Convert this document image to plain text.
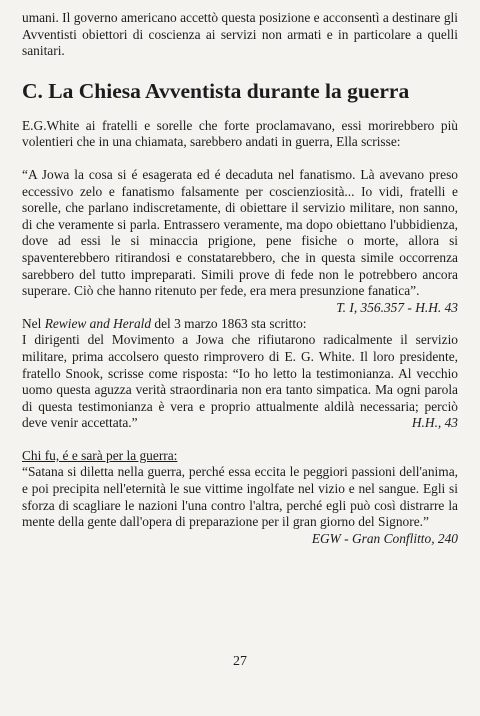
umani. Il governo americano accettò questa posizione e acconsentì a destinare gli Avventisti obiettori di coscienza ai servizi non armati e in particolare a quelli sanitari.

C. La Chiesa Avventista durante la guerra

E.G.White ai fratelli e sorelle che forte proclamavano, essi morirebbero più volentieri che in una chiamata, sarebbero andati in guerra, Ella scrisse:

“A Jowa la cosa si é esagerata ed é decaduta nel fanatismo. Là avevano preso eccessivo zelo e fanatismo falsamente per coscienziosità... Io vidi, fratelli e sorelle, che parlano indiscretamente, di obiettare il servizio militare, non sanno, di che veramente si parla. Entrassero veramente, ma dopo obiettano l'ubbidienza, dove ad essi le si minaccia prigione, pene fisiche o morte, allora si spaventerebbero ritirandosi e constatarebbero, che in questa simile occorrenza sarebbero del tutto impreparati. Simili prove di fede non le potrebbero ancora superare. Ciò che hanno ritenuto per fede, era mera presunzione fanatica”.
T. I, 356.357 - H.H. 43

Nel Rewiew and Herald del 3 marzo 1863 sta scritto:

I dirigenti del Movimento a Jowa che rifiutarono radicalmente il servizio militare, prima accolsero questo rimprovero di E. G. White. Il loro presidente, fratello Snook, scrisse come risposta: “Io ho letto la testimonianza. Al vecchio uomo questa aguzza verità straordinaria non era tanto simpatica. Ma ogni parola di questa testimonianza è vera e proprio attualmente aldilà necessaria; perciò deve venir accettata.”	H.H., 43

Chi fu, é e sarà per la guerra:

“Satana si diletta nella guerra, perché essa eccita le peggiori passioni dell'anima, e poi precipita nell'eternità le sue vittime ingolfate nel vizio e nel sangue. Egli si sforza di scagliare le nazioni l'una contro l'altra, perché egli può così distrarre la mente della gente dall'opera di preparazione per il gran giorno del Signore.”
EGW - Gran Conflitto, 240

27
